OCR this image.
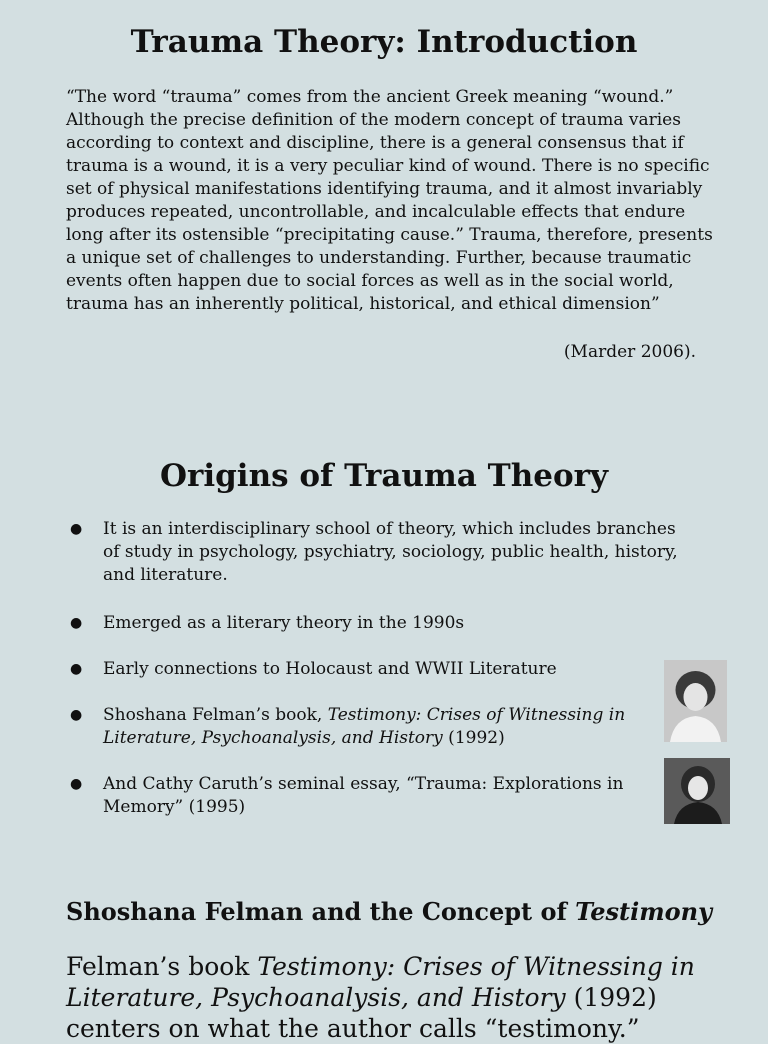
Trauma Theory: Introduction

“The word “trauma” comes from the ancient Greek meaning “wound.” Although the precise definition of the modern concept of trauma varies according to context and discipline, there is a general consensus that if trauma is a wound, it is a very peculiar kind of wound. There is no specific set of physical manifestations identifying trauma, and it almost invariably produces repeated, uncontrollable, and incalculable effects that endure long after its ostensible “precipitating cause.” Trauma, therefore, presents a unique set of challenges to understanding. Further, because traumatic events often happen due to social forces as well as in the social world, trauma has an inherently political, historical, and ethical dimension”

(Marder 2006).
Origins of Trauma Theory
● It is an interdisciplinary school of theory, which includes branches of study in psychology, psychiatry, sociology, public health, history, and literature.
● Emerged as a literary theory in the 1990s
● Early connections to Holocaust and WWII Literature
● Shoshana Felman’s book, Testimony: Crises of Witnessing in Literature, Psychoanalysis, and History (1992)
● And Cathy Caruth’s seminal essay, “Trauma: Explorations in Memory” (1995)
Shoshana Felman and the Concept of Testimony

Felman’s book Testimony: Crises of Witnessing in Literature, Psychoanalysis, and History (1992) centers on what the author calls “testimony.”
